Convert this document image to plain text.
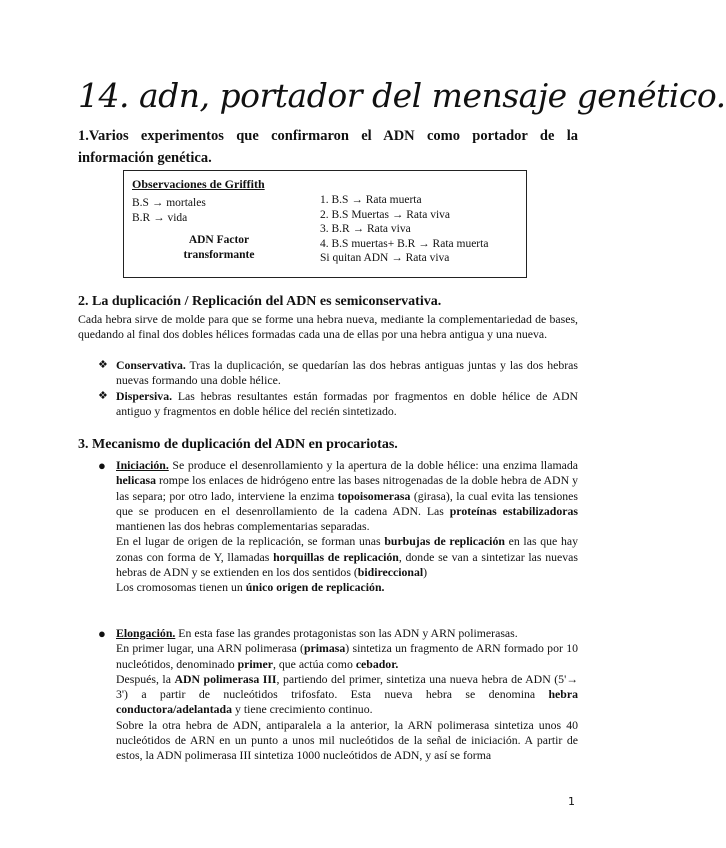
14. adn, portador del mensaje genético.
1.Varios experimentos que confirmaron el ADN como portador de la información genética.
Observaciones de Griffith
B.S → mortales
B.R → vida
ADN Factor
transformante
1. B.S → Rata muerta
2. B.S Muertas → Rata viva
3. B.R → Rata viva
4. B.S muertas+ B.R → Rata muerta
Si quitan ADN → Rata viva
2. La duplicación / Replicación del ADN es semiconservativa.
Cada hebra sirve de molde para que se forme una hebra nueva, mediante la complementariedad de bases, quedando al final dos dobles hélices formadas cada una de ellas por una hebra antigua y una nueva.
❖ Conservativa. Tras la duplicación, se quedarían las dos hebras antiguas juntas y las dos hebras nuevas formando una doble hélice.
❖ Dispersiva. Las hebras resultantes están formadas por fragmentos en doble hélice de ADN antiguo y fragmentos en doble hélice del recién sintetizado.
3. Mecanismo de duplicación del ADN en procariotas.
● Iniciación. Se produce el desenrollamiento y la apertura de la doble hélice: una enzima llamada helicasa rompe los enlaces de hidrógeno entre las bases nitrogenadas de la doble hebra de ADN y las separa; por otro lado, interviene la enzima topoisomerasa (girasa), la cual evita las tensiones que se producen en el desenrollamiento de la cadena ADN. Las proteínas estabilizadoras mantienen las dos hebras complementarias separadas.

En el lugar de origen de la replicación, se forman unas burbujas de replicación en las que hay zonas con forma de Y, llamadas horquillas de replicación, donde se van a sintetizar las nuevas hebras de ADN y se extienden en los dos sentidos (bidireccional)

Los cromosomas tienen un único origen de replicación.

● Elongación. En esta fase las grandes protagonistas son las ADN y ARN polimerasas.

En primer lugar, una ARN polimerasa (primasa) sintetiza un fragmento de ARN formado por 10 nucleótidos, denominado primer, que actúa como cebador.

Después, la ADN polimerasa III, partiendo del primer, sintetiza una nueva hebra de ADN (5'→ 3') a partir de nucleótidos trifosfato. Esta nueva hebra se denomina hebra conductora/adelantada y tiene crecimiento continuo.

Sobre la otra hebra de ADN, antiparalela a la anterior, la ARN polimerasa sintetiza unos 40 nucleótidos de ARN en un punto a unos mil nucleótidos de la señal de iniciación. A partir de estos, la ADN polimerasa III sintetiza 1000 nucleótidos de ADN, y así se forma

1
